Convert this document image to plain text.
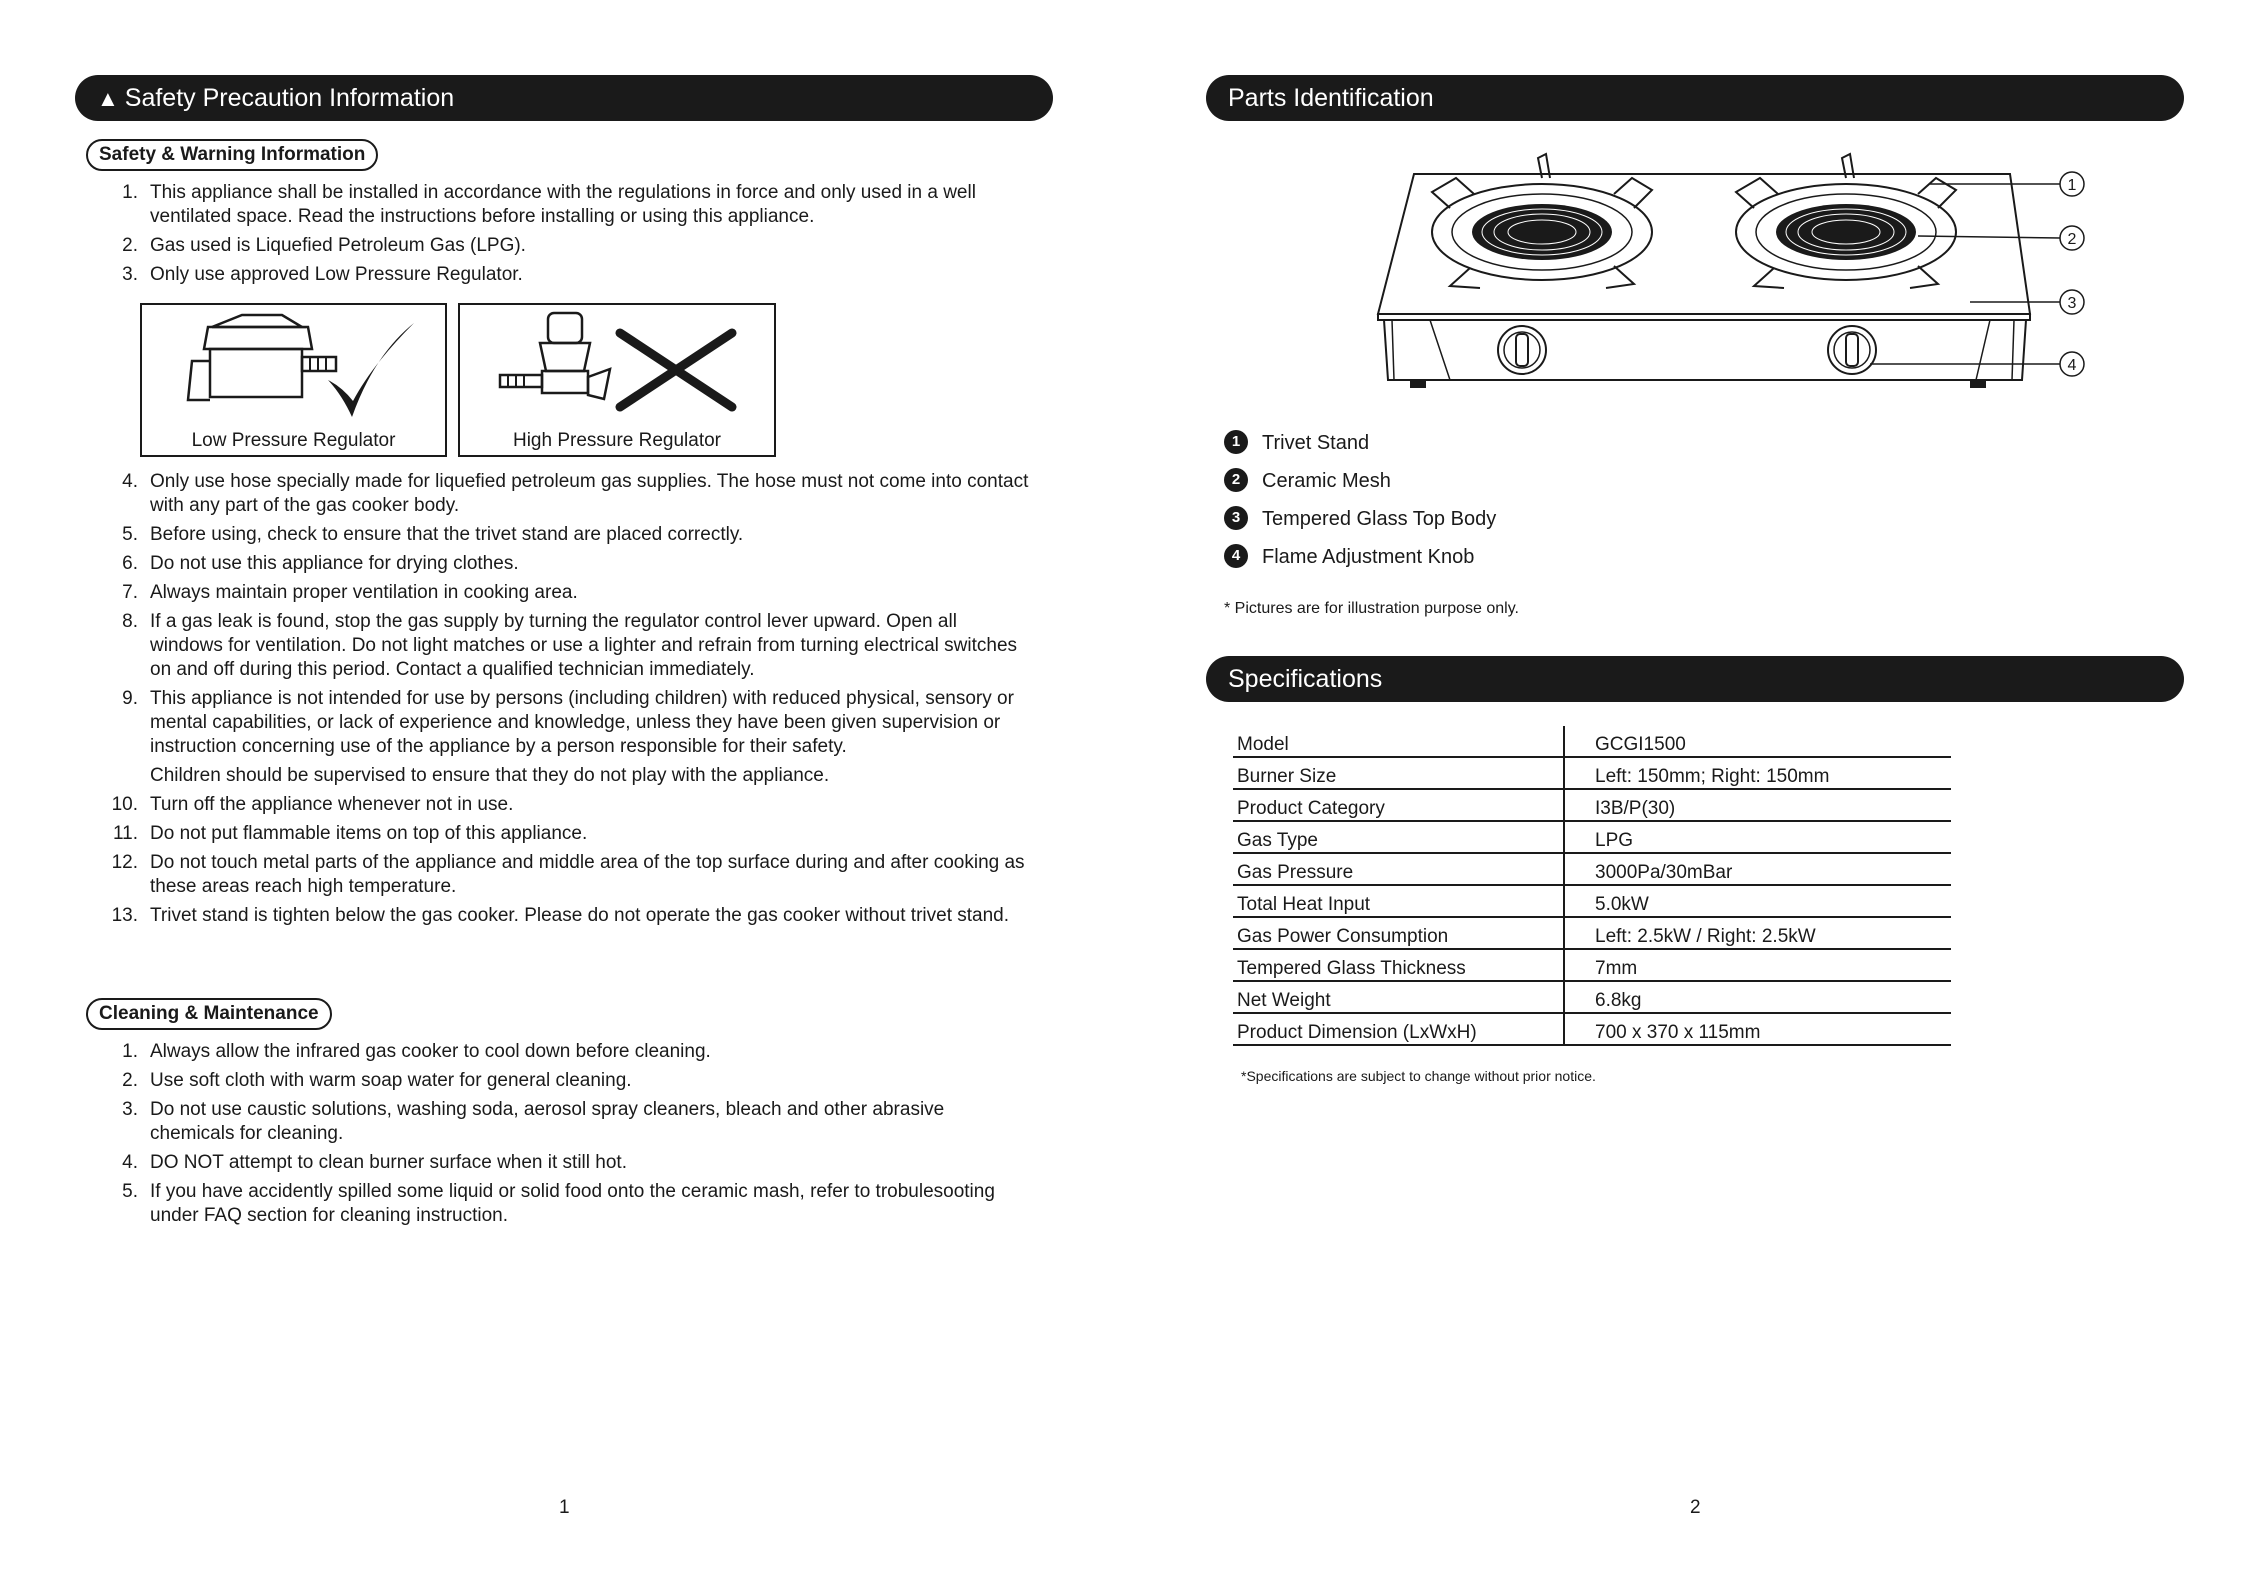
▲ Safety Precaution Information
Safety & Warning Information
1. This appliance shall be installed in accordance with the regulations in force and only used in a well ventilated space. Read the instructions before installing or using this appliance.
2. Gas used is Liquefied Petroleum Gas (LPG).
3. Only use approved Low Pressure Regulator.
Low Pressure Regulator	High Pressure Regulator
4. Only use hose specially made for liquefied petroleum gas supplies. The hose must not come into contact with any part of the gas cooker body.
5. Before using, check to ensure that the trivet stand are placed correctly.
6. Do not use this appliance for drying clothes.
7. Always maintain proper ventilation in cooking area.
8. If a gas leak is found, stop the gas supply by turning the regulator control lever upward. Open all windows for ventilation. Do not light matches or use a lighter and refrain from turning electrical switches on and off during this period. Contact a qualified technician immediately.
9. This appliance is not intended for use by persons (including children) with reduced physical, sensory or mental capabilities, or lack of experience and knowledge, unless they have been given supervision or instruction concerning use of the appliance by a person responsible for their safety.
Children should be supervised to ensure that they do not play with the appliance.
10. Turn off the appliance whenever not in use.
11. Do not put flammable items on top of this appliance.
12. Do not touch metal parts of the appliance and middle area of the top surface during and after cooking as these areas reach high temperature.
13. Trivet stand is tighten below the gas cooker. Please do not operate the gas cooker without trivet stand.
Cleaning & Maintenance
1. Always allow the infrared gas cooker to cool down before cleaning.
2. Use soft cloth with warm soap water for general cleaning.
3. Do not use caustic solutions, washing soda, aerosol spray cleaners, bleach and other abrasive chemicals for cleaning.
4. DO NOT attempt to clean burner surface when it still hot.
5. If you have accidently spilled some liquid or solid food onto the ceramic mash, refer to trobulesooting under FAQ section for cleaning instruction.
1
Parts Identification
1
2
3
4
1	Trivet Stand
2	Ceramic Mesh
3	Tempered Glass Top Body
4	Flame Adjustment Knob
* Pictures are for illustration purpose only.
Specifications
Model	GCGI1500
Burner Size	Left: 150mm; Right: 150mm
Product Category	I3B/P(30)
Gas Type	LPG
Gas Pressure	3000Pa/30mBar
Total Heat Input	5.0kW
Gas Power Consumption	Left: 2.5kW / Right: 2.5kW
Tempered Glass Thickness	7mm
Net Weight	6.8kg
Product Dimension (LxWxH)	700 x 370 x 115mm
*Specifications are subject to change without prior notice.
2
